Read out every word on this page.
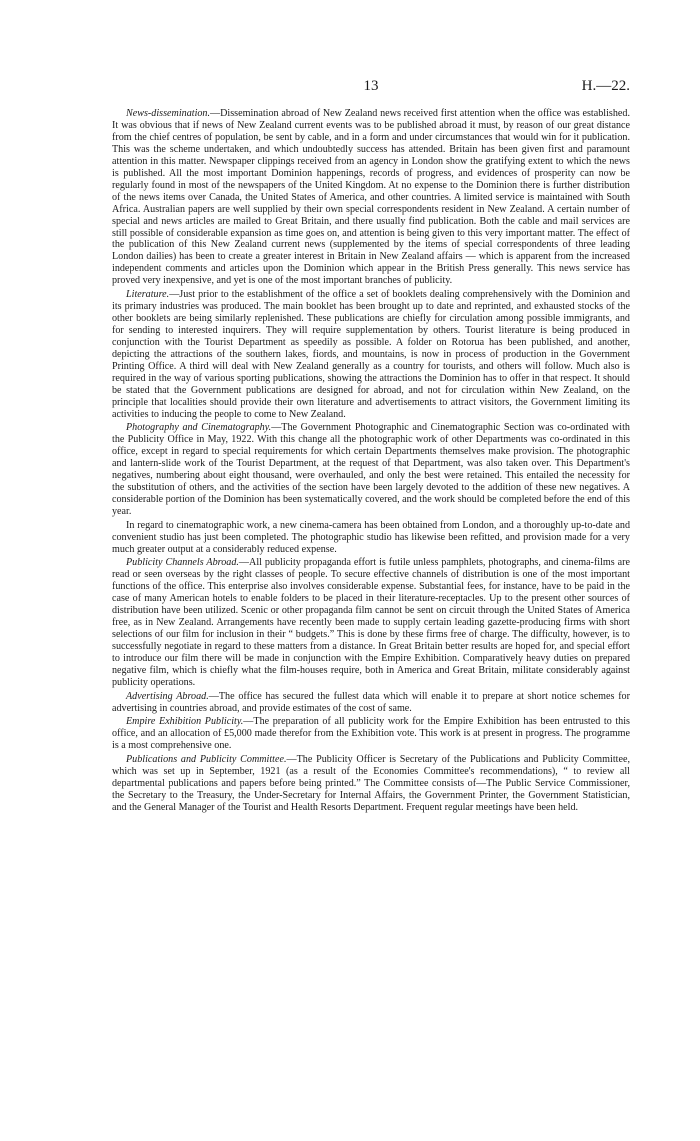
13	H.—22.

News-dissemination.—Dissemination abroad of New Zealand news received first attention when the office was established. It was obvious that if news of New Zealand current events was to be published abroad it must, by reason of our great distance from the chief centres of population, be sent by cable, and in a form and under circumstances that would win for it publication. This was the scheme undertaken, and which undoubtedly success has attended. Britain has been given first and paramount attention in this matter. Newspaper clippings received from an agency in London show the gratifying extent to which the news is published. All the most important Dominion happenings, records of progress, and evidences of prosperity can now be regularly found in most of the newspapers of the United Kingdom. At no expense to the Dominion there is further distribution of the news items over Canada, the United States of America, and other countries. A limited service is maintained with South Africa. Australian papers are well supplied by their own special correspondents resident in New Zealand. A certain number of special and news articles are mailed to Great Britain, and there usually find publication. Both the cable and mail services are still possible of considerable expansion as time goes on, and attention is being given to this very important matter. The effect of the publication of this New Zealand current news (supplemented by the items of special correspondents of three leading London dailies) has been to create a greater interest in Britain in New Zealand affairs — which is apparent from the increased independent comments and articles upon the Dominion which appear in the British Press generally. This news service has proved very inexpensive, and yet is one of the most important branches of publicity.

Literature.—Just prior to the establishment of the office a set of booklets dealing comprehensively with the Dominion and its primary industries was produced. The main booklet has been brought up to date and reprinted, and exhausted stocks of the other booklets are being similarly replenished. These publications are chiefly for circulation among possible immigrants, and for sending to interested inquirers. They will require supplementation by others. Tourist literature is being produced in conjunction with the Tourist Department as speedily as possible. A folder on Rotorua has been published, and another, depicting the attractions of the southern lakes, fiords, and mountains, is now in process of production in the Government Printing Office. A third will deal with New Zealand generally as a country for tourists, and others will follow. Much also is required in the way of various sporting publications, showing the attractions the Dominion has to offer in that respect. It should be stated that the Government publications are designed for abroad, and not for circulation within New Zealand, on the principle that localities should provide their own literature and advertisements to attract visitors, the Government limiting its activities to inducing the people to come to New Zealand.

Photography and Cinematography.—The Government Photographic and Cinematographic Section was co-ordinated with the Publicity Office in May, 1922. With this change all the photographic work of other Departments was co-ordinated in this office, except in regard to special requirements for which certain Departments themselves make provision. The photographic and lantern-slide work of the Tourist Department, at the request of that Department, was also taken over. This Department's negatives, numbering about eight thousand, were overhauled, and only the best were retained. This entailed the necessity for the substitution of others, and the activities of the section have been largely devoted to the addition of these new negatives. A considerable portion of the Dominion has been systematically covered, and the work should be completed before the end of this year.

In regard to cinematographic work, a new cinema-camera has been obtained from London, and a thoroughly up-to-date and convenient studio has just been completed. The photographic studio has likewise been refitted, and provision made for a very much greater output at a considerably reduced expense.

Publicity Channels Abroad.—All publicity propaganda effort is futile unless pamphlets, photographs, and cinema-films are read or seen overseas by the right classes of people. To secure effective channels of distribution is one of the most important functions of the office. This enterprise also involves considerable expense. Substantial fees, for instance, have to be paid in the case of many American hotels to enable folders to be placed in their literature-receptacles. Up to the present other sources of distribution have been utilized. Scenic or other propaganda film cannot be sent on circuit through the United States of America free, as in New Zealand. Arrangements have recently been made to supply certain leading gazette-producing firms with short selections of our film for inclusion in their “ budgets.” This is done by these firms free of charge. The difficulty, however, is to successfully negotiate in regard to these matters from a distance. In Great Britain better results are hoped for, and special effort to introduce our film there will be made in conjunction with the Empire Exhibition. Comparatively heavy duties on prepared negative film, which is chiefly what the film-houses require, both in America and Great Britain, militate considerably against publicity operations.

Advertising Abroad.—The office has secured the fullest data which will enable it to prepare at short notice schemes for advertising in countries abroad, and provide estimates of the cost of same.

Empire Exhibition Publicity.—The preparation of all publicity work for the Empire Exhibition has been entrusted to this office, and an allocation of £5,000 made therefor from the Exhibition vote. This work is at present in progress. The programme is a most comprehensive one.

Publications and Publicity Committee.—The Publicity Officer is Secretary of the Publications and Publicity Committee, which was set up in September, 1921 (as a result of the Economies Committee's recommendations), “ to review all departmental publications and papers before being printed.” The Committee consists of—The Public Service Commissioner, the Secretary to the Treasury, the Under-Secretary for Internal Affairs, the Government Printer, the Government Statistician, and the General Manager of the Tourist and Health Resorts Department. Frequent regular meetings have been held.
